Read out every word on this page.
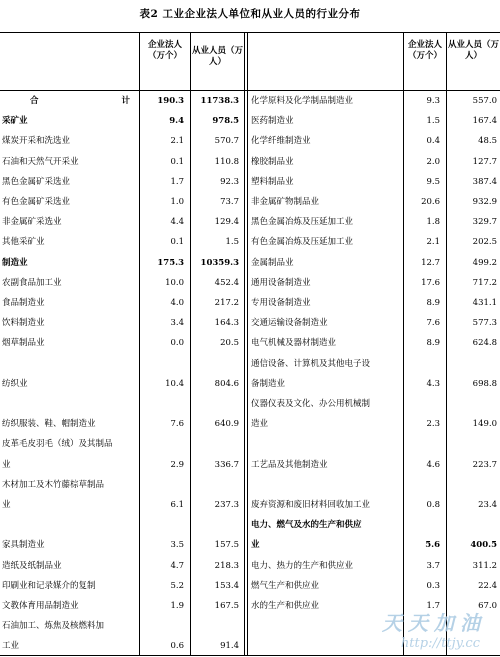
表2 工业企业法人单位和从业人员的行业分布
企业法人（万个）	从业人员（万人）
企业法人（万个）
从业人员（万人）
合　　计 190.3	11738.3
采矿业	9.4	978.5
煤炭开采和洗选业	2.1	570.7
石油和天然气开采业	0.1	110.8
黑色金属矿采选业	1.7	92.3
有色金属矿采选业	1.0	73.7
非金属矿采选业	4.4	129.4
其他采矿业	0.1	1.5
制造业	175.3	10359.3
农副食品加工业	10.0	452.4
食品制造业	4.0	217.2
饮料制造业	3.4	164.3
烟草制品业	0.0	20.5
纺织业	10.4	804.6
纺织服装、鞋、帽制造业	7.6	640.9
皮革毛皮羽毛（绒）及其制品
业	2.9	336.7
木材加工及木竹藤棕草制品
业	6.1	237.3
家具制造业	3.5	157.5
造纸及纸制品业	4.7	218.3
印刷业和记录媒介的复制	5.2	153.4
文教体育用品制造业	1.9	167.5
石油加工、炼焦及核燃料加
工业	0.6	91.4
化学原料及化学制品制造业	9.3	557.0
医药制造业	1.5	167.4
化学纤维制造业	0.4	48.5
橡胶制品业	2.0	127.7
塑料制品业	9.5	387.4
非金属矿物制品业	20.6	932.9
黑色金属冶炼及压延加工业	1.8	329.7
有色金属冶炼及压延加工业	2.1	202.5
金属制品业	12.7	499.2
通用设备制造业	17.6	717.2
专用设备制造业	8.9	431.1
交通运输设备制造业	7.6	577.3
电气机械及器材制造业	8.9	624.8
通信设备、计算机及其他电子设
备制造业	4.3	698.8
仪器仪表及文化、办公用机械制
造业	2.3	149.0
工艺品及其他制造业	4.6	223.7
废弃资源和废旧材料回收加工业	0.8	23.4
电力、燃气及水的生产和供应
业	5.6	400.5
电力、热力的生产和供应业	3.7	311.2
燃气生产和供应业	0.3	22.4
水的生产和供应业	1.7	67.0
天天加油
http://ttjy.cc
